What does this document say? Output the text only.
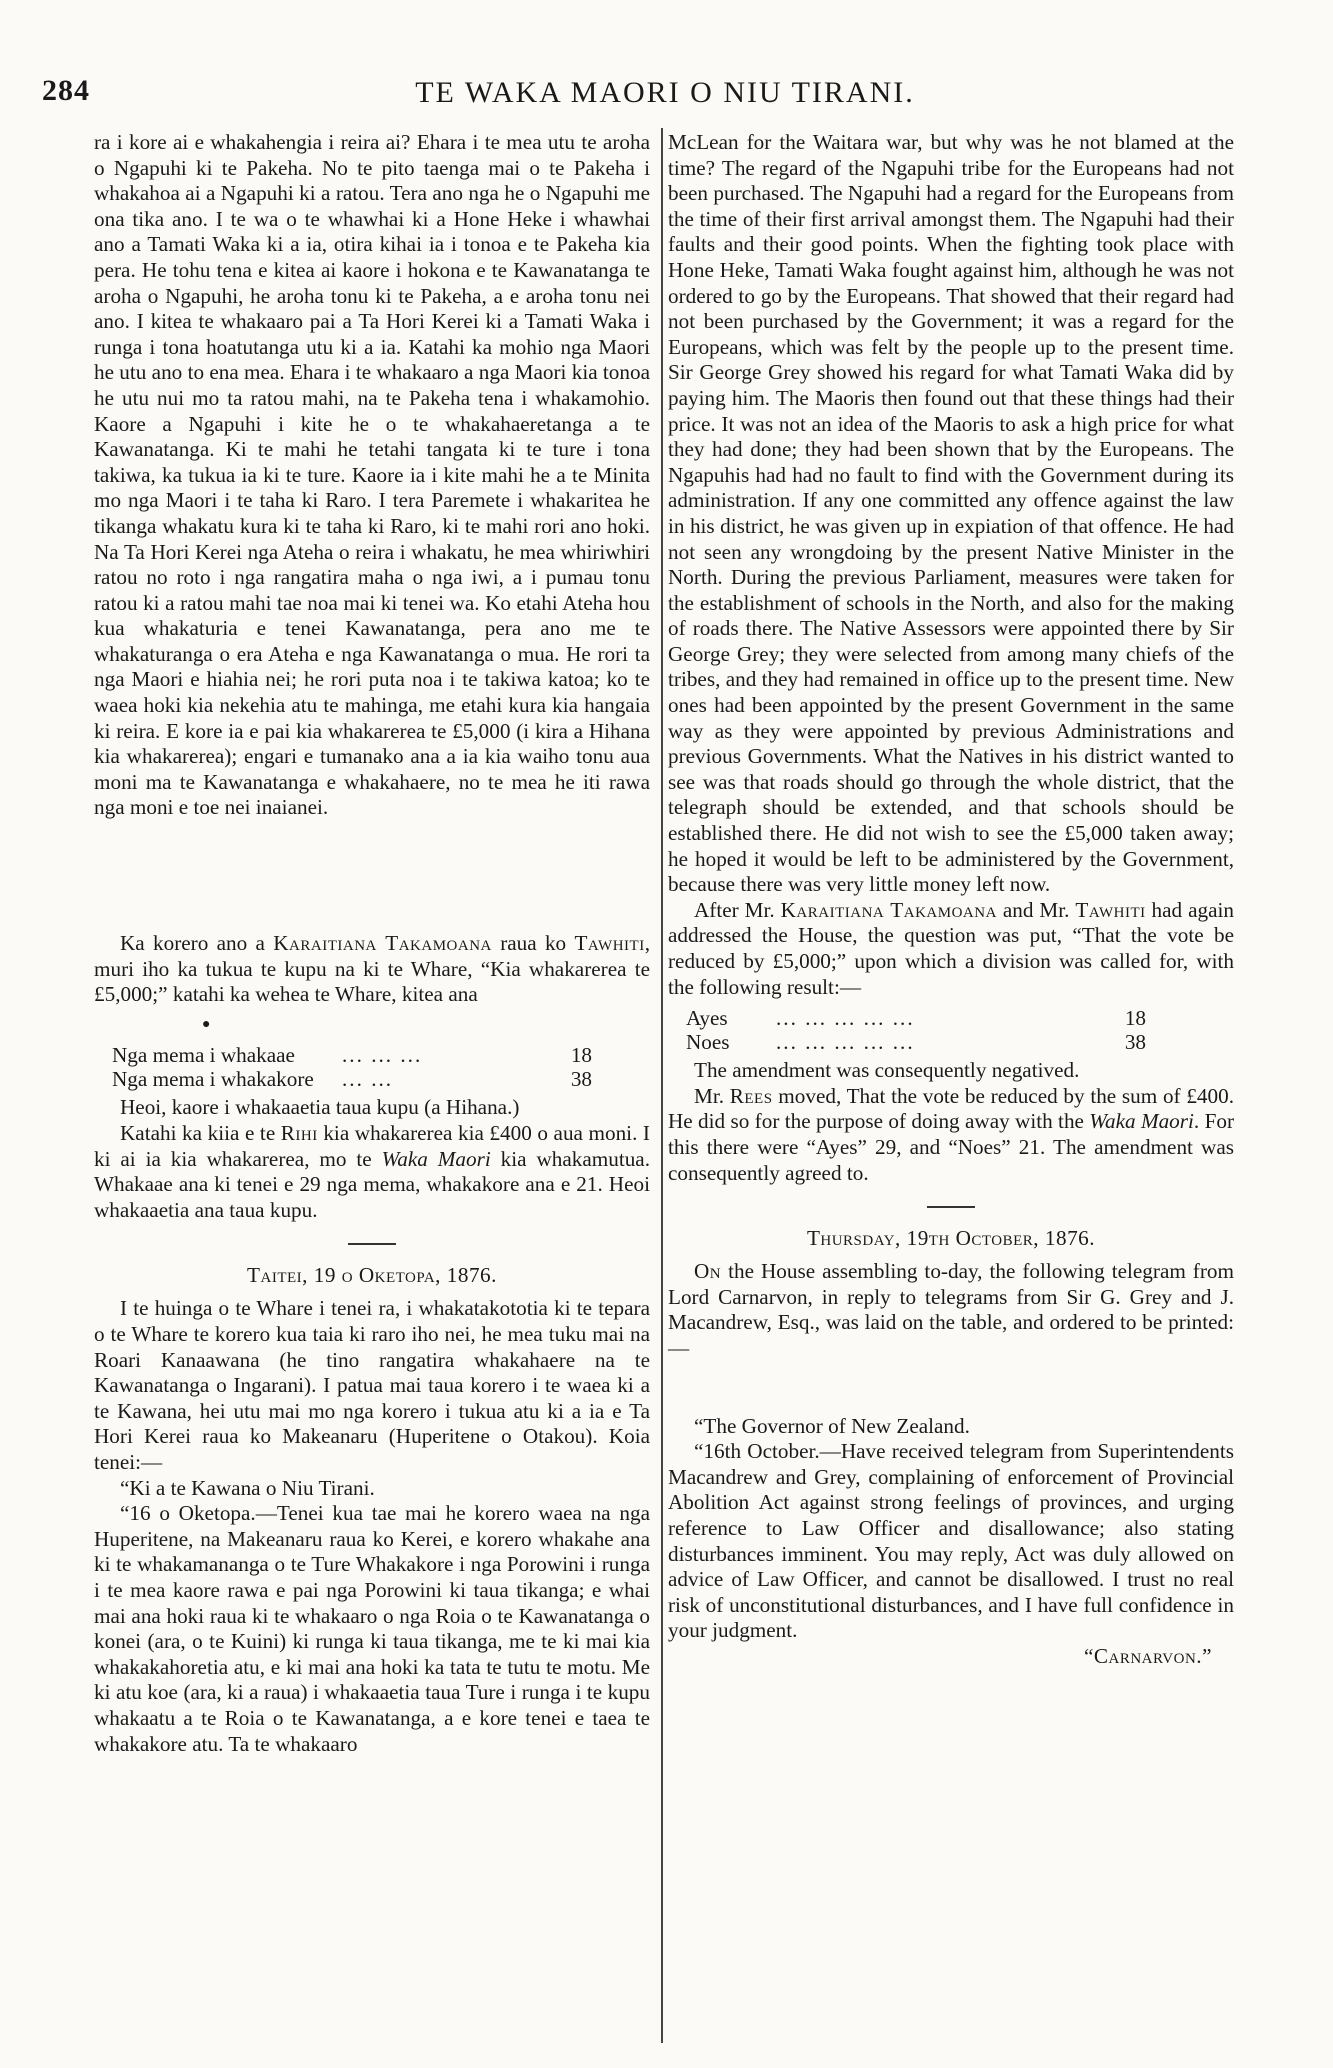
284	TE WAKA MAORI O NIU TIRANI.

ra i kore ai e whakahengia i reira ai? Ehara i te mea utu te aroha o Ngapuhi ki te Pakeha. No te pito taenga mai o te Pakeha i whakahoa ai a Ngapuhi ki a ratou. Tera ano nga he o Ngapuhi me ona tika ano. I te wa o te whawhai ki a Hone Heke i whawhai ano a Tamati Waka ki a ia, otira kihai ia i tonoa e te Pakeha kia pera. He tohu tena e kitea ai kaore i hokona e te Kawanatanga te aroha o Ngapuhi, he aroha tonu ki te Pakeha, a e aroha tonu nei ano. I kitea te whakaaro pai a Ta Hori Kerei ki a Tamati Waka i runga i tona hoatutanga utu ki a ia. Katahi ka mohio nga Maori he utu ano to ena mea. Ehara i te whakaaro a nga Maori kia tonoa he utu nui mo ta ratou mahi, na te Pakeha tena i whakamohio. Kaore a Ngapuhi i kite he o te whakahaeretanga a te Kawanatanga. Ki te mahi he tetahi tangata ki te ture i tona takiwa, ka tukua ia ki te ture. Kaore ia i kite mahi he a te Minita mo nga Maori i te taha ki Raro. I tera Paremete i whakaritea he tikanga whakatu kura ki te taha ki Raro, ki te mahi rori ano hoki. Na Ta Hori Kerei nga Ateha o reira i whakatu, he mea whiriwhiri ratou no roto i nga rangatira maha o nga iwi, a i pumau tonu ratou ki a ratou mahi tae noa mai ki tenei wa. Ko etahi Ateha hou kua whakaturia e tenei Kawanatanga, pera ano me te whakaturanga o era Ateha e nga Kawanatanga o mua. He rori ta nga Maori e hiahia nei; he rori puta noa i te takiwa katoa; ko te waea hoki kia nekehia atu te mahinga, me etahi kura kia hangaia ki reira. E kore ia e pai kia whakarerea te £5,000 (i kira a Hihana kia whakarerea); engari e tumanako ana a ia kia waiho tonu aua moni ma te Kawanatanga e whakahaere, no te mea he iti rawa nga moni e toe nei inaianei.

Ka korero ano a Karaitiana Takamoana raua ko Tawhiti, muri iho ka tukua te kupu na ki te Whare, “Kia whakarerea te £5,000;” katahi ka wehea te Whare, kitea ana

●
Nga mema i whakaae	... ... ...	18
Nga mema i whakakore	... ...	38

Heoi, kaore i whakaaetia taua kupu (a Hihana.)

Katahi ka kiia e te Rihi kia whakarerea kia £400 o aua moni. I ki ai ia kia whakarerea, mo te Waka Maori kia whakamutua. Whakaae ana ki tenei e 29 nga mema, whakakore ana e 21. Heoi whakaaetia ana taua kupu.

Taitei, 19 o Oketopa, 1876.

I te huinga o te Whare i tenei ra, i whakatakototia ki te tepara o te Whare te korero kua taia ki raro iho nei, he mea tuku mai na Roari Kanaawana (he tino rangatira whakahaere na te Kawanatanga o Ingarani). I patua mai taua korero i te waea ki a te Kawana, hei utu mai mo nga korero i tukua atu ki a ia e Ta Hori Kerei raua ko Makeanaru (Huperitene o Otakou). Koia tenei:—

“Ki a te Kawana o Niu Tirani.

“16 o Oketopa.—Tenei kua tae mai he korero waea na nga Huperitene, na Makeanaru raua ko Kerei, e korero whakahe ana ki te whakamananga o te Ture Whakakore i nga Porowini i runga i te mea kaore rawa e pai nga Porowini ki taua tikanga; e whai mai ana hoki raua ki te whakaaro o nga Roia o te Kawanatanga o konei (ara, o te Kuini) ki runga ki taua tikanga, me te ki mai kia whakakahoretia atu, e ki mai ana hoki ka tata te tutu te motu. Me ki atu koe (ara, ki a raua) i whakaaetia taua Ture i runga i te kupu whakaatu a te Roia o te Kawanatanga, a e kore tenei e taea te whakakore atu. Ta te whakaaro

McLean for the Waitara war, but why was he not blamed at the time? The regard of the Ngapuhi tribe for the Europeans had not been purchased. The Ngapuhi had a regard for the Europeans from the time of their first arrival amongst them. The Ngapuhi had their faults and their good points. When the fighting took place with Hone Heke, Tamati Waka fought against him, although he was not ordered to go by the Europeans. That showed that their regard had not been purchased by the Government; it was a regard for the Europeans, which was felt by the people up to the present time. Sir George Grey showed his regard for what Tamati Waka did by paying him. The Maoris then found out that these things had their price. It was not an idea of the Maoris to ask a high price for what they had done; they had been shown that by the Europeans. The Ngapuhis had had no fault to find with the Government during its administration. If any one committed any offence against the law in his district, he was given up in expiation of that offence. He had not seen any wrongdoing by the present Native Minister in the North. During the previous Parliament, measures were taken for the establishment of schools in the North, and also for the making of roads there. The Native Assessors were appointed there by Sir George Grey; they were selected from among many chiefs of the tribes, and they had remained in office up to the present time. New ones had been appointed by the present Government in the same way as they were appointed by previous Administrations and previous Governments. What the Natives in his district wanted to see was that roads should go through the whole district, that the telegraph should be extended, and that schools should be established there. He did not wish to see the £5,000 taken away; he hoped it would be left to be administered by the Government, because there was very little money left now.

After Mr. Karaitiana Takamoana and Mr. Tawhiti had again addressed the House, the question was put, “That the vote be reduced by £5,000;” upon which a division was called for, with the following result:—

Ayes	... ... ... ... ...	18
Noes	... ... ... ... ...	38

The amendment was consequently negatived.

Mr. Rees moved, That the vote be reduced by the sum of £400. He did so for the purpose of doing away with the Waka Maori. For this there were “Ayes” 29, and “Noes” 21. The amendment was consequently agreed to.

Thursday, 19th October, 1876.

On the House assembling to-day, the following telegram from Lord Carnarvon, in reply to telegrams from Sir G. Grey and J. Macandrew, Esq., was laid on the table, and ordered to be printed:—

“The Governor of New Zealand.

“16th October.—Have received telegram from Superintendents Macandrew and Grey, complaining of enforcement of Provincial Abolition Act against strong feelings of provinces, and urging reference to Law Officer and disallowance; also stating disturbances imminent. You may reply, Act was duly allowed on advice of Law Officer, and cannot be disallowed. I trust no real risk of unconstitutional disturbances, and I have full confidence in your judgment.

“Carnarvon.”
